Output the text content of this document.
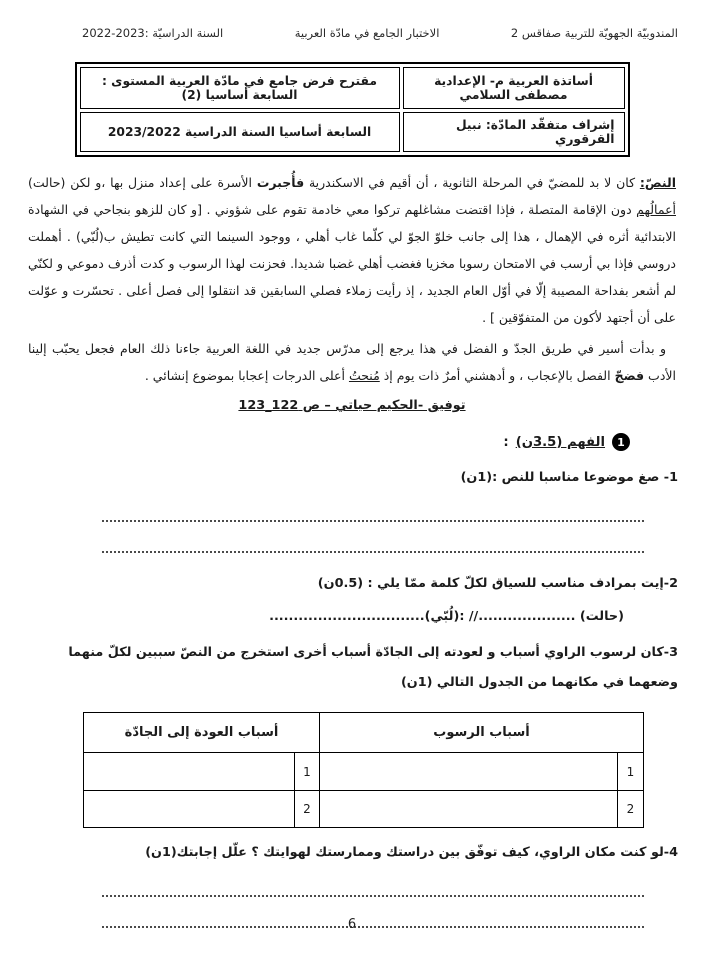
المندوبيّة الجهويّة للتربية صفاقس 2
الاختبار الجامع في مادّة العربية
السنة الدراسيّة :2023-2022
أساتذة العربية م- الإعدادية مصطفى السلامي	مقترح فرض جامع في مادّة العربية المستوى : السابعة أساسيا (2)
إشراف متفقّد المادّة: نبيل القرقوري	السابعة أساسيا السنة الدراسية 2023/2022

النصّ: كان لا بد للمضيّ في المرحلة الثانوية ، أن أقيم في الاسكندرية فأُجبرت الأسرة على إعداد منزل بها ،و لكن (حالت) أعمالُهم دون الإقامة المتصلة ، فإذا اقتضت مشاغلهم تركوا معي خادمة تقوم على شؤوني . [و كان للزهو بنجاحي في الشهادة الابتدائية أثره في الإهمال ، هذا إلى جانب خلوّ الجوّ لي كلّما غاب أهلي ، ووجود السينما التي كانت تطيش ب(لُبّي) . أهملت دروسي فإذا بي أرسب في الامتحان رسوبا مخزيا فغضب أهلي غضبا شديدا. فحزنت لهذا الرسوب و كدت أذرف دموعي و لكنّي لم أشعر بفداحة المصيبة إلّا في أوّل العام الجديد ، إذ رأيت زملاء فصلي السابقين قد انتقلوا إلى فصل أعلى . تحسّرت و عوّلت على أن أجتهد لأكون من المتفوّقين ] .

و بدأت أسير في طريق الجدّ و الفضل في هذا يرجع إلى مدرّس جديد في اللغة العربية جاءنا ذلك العام فجعل يحبّب إلينا الأدب فضجّ الفصل بالإعجاب ، و أدهشني أمرٌ ذات يوم إذ مُنحتُ أعلى الدرجات إعجابا بموضوع إنشائي .

توفيق -الحكيم حياتي – ص 122_123
1
الفهم (3.5ن)
:
1- صغ موضوعا مناسبا للنص :(1ن)
2-إيت بمرادف مناسب للسياق لكلّ كلمة ممّا يلي : (0.5ن)
(حالت) ....................// :(لُبّي)................................
3-كان لرسوب الراوي أسباب و لعودته إلى الجادّة أسباب أخرى استخرج من النصّ سببين لكلّ منهما وضعهما في مكانهما من الجدول التالي (1ن)
أسباب الرسوب		أسباب العودة إلى الجادّة	
1		1	
2		2	
4-لو كنت مكان الراوي، كيف توفّق بين دراستك وممارستك لهوايتك ؟ علّل إجابتك(1ن)
6
